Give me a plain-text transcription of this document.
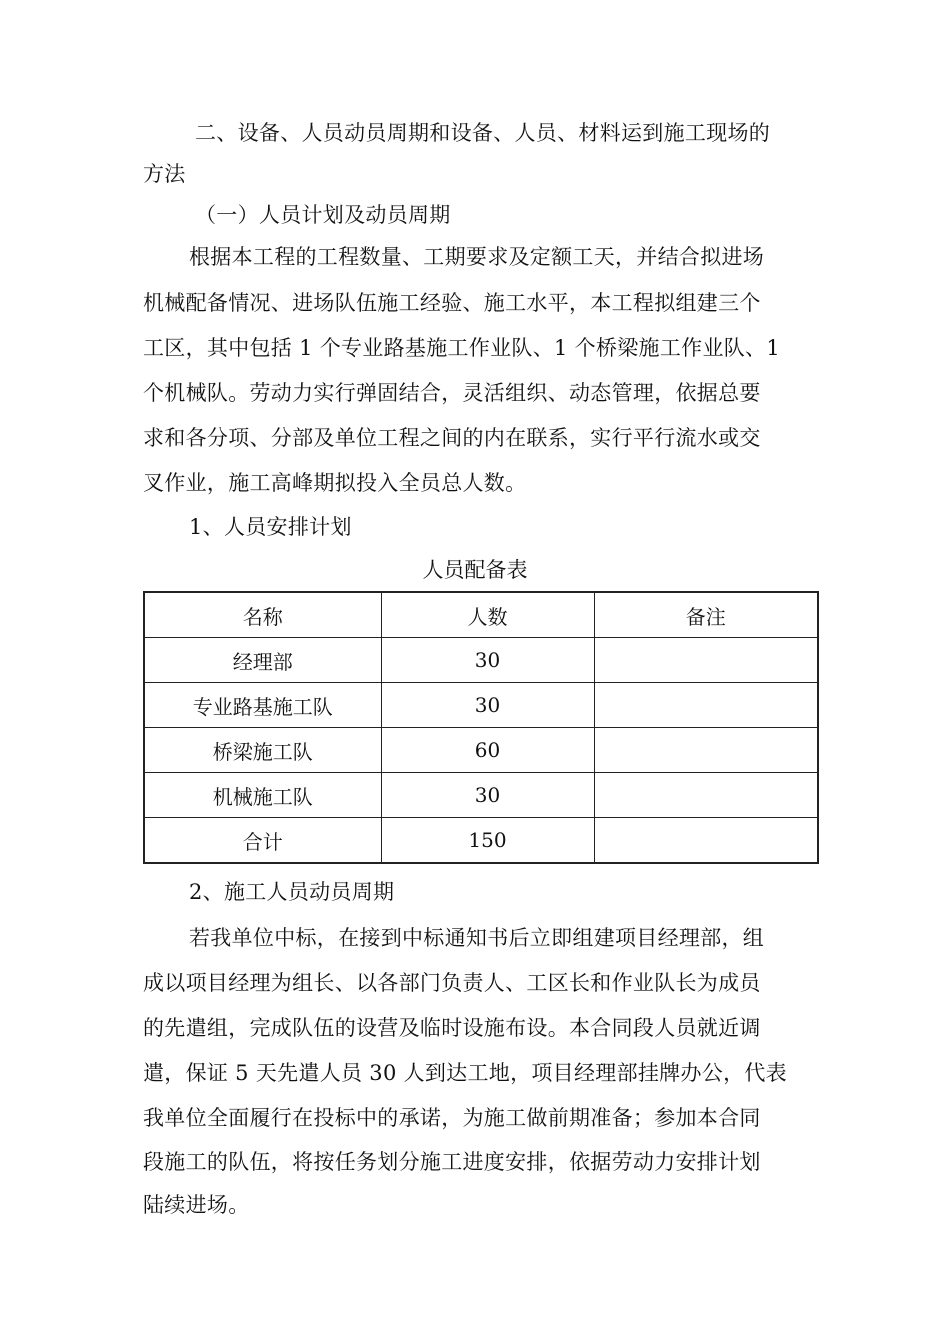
二、设备、人员动员周期和设备、人员、材料运到施工现场的
方法
（一）人员计划及动员周期
根据本工程的工程数量、工期要求及定额工天，并结合拟进场
机械配备情况、进场队伍施工经验、施工水平，本工程拟组建三个
工区，其中包括 1 个专业路基施工作业队、1 个桥梁施工作业队、1
个机械队。劳动力实行弹固结合，灵活组织、动态管理，依据总要
求和各分项、分部及单位工程之间的内在联系，实行平行流水或交
叉作业，施工高峰期拟投入全员总人数。
1、人员安排计划
人员配备表
名称	人数	备注
经理部	30	
专业路基施工队	30	
桥梁施工队	60	
机械施工队	30	
合计	150	
2、施工人员动员周期
若我单位中标，在接到中标通知书后立即组建项目经理部，组
成以项目经理为组长、以各部门负责人、工区长和作业队长为成员
的先遣组，完成队伍的设营及临时设施布设。本合同段人员就近调
遣，保证 5 天先遣人员 30 人到达工地，项目经理部挂牌办公，代表
我单位全面履行在投标中的承诺，为施工做前期准备；参加本合同
段施工的队伍，将按任务划分施工进度安排，依据劳动力安排计划
陆续进场。
